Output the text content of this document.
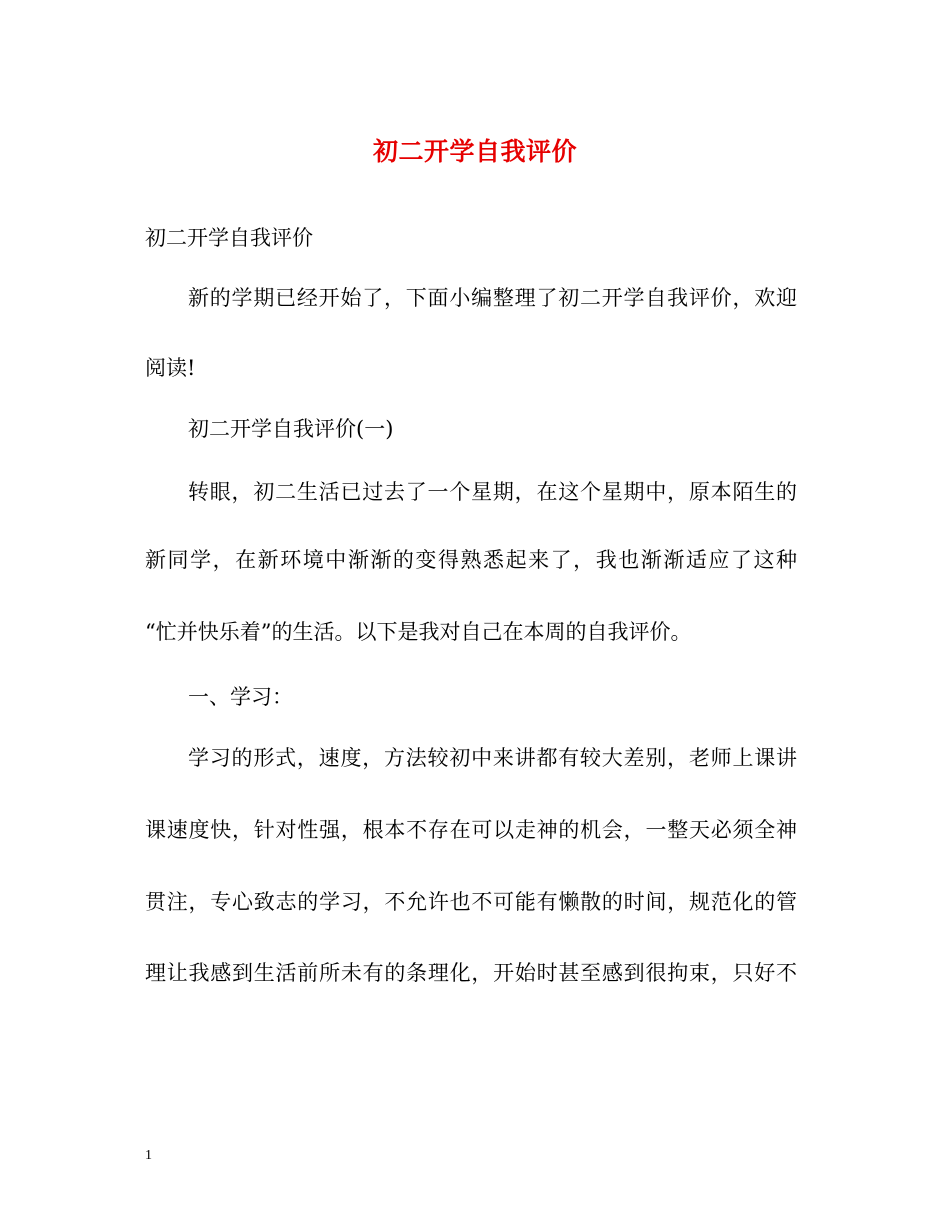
初二开学自我评价
初二开学自我评价
新的学期已经开始了，下面小编整理了初二开学自我评价，欢迎
阅读!
初二开学自我评价(一)
转眼，初二生活已过去了一个星期，在这个星期中，原本陌生的
新同学，在新环境中渐渐的变得熟悉起来了，我也渐渐适应了这种
“忙并快乐着”的生活。以下是我对自己在本周的自我评价。
一、学习：
学习的形式，速度，方法较初中来讲都有较大差别，老师上课讲
课速度快，针对性强，根本不存在可以走神的机会，一整天必须全神
贯注，专心致志的学习，不允许也不可能有懒散的时间，规范化的管
理让我感到生活前所未有的条理化，开始时甚至感到很拘束，只好不
1
